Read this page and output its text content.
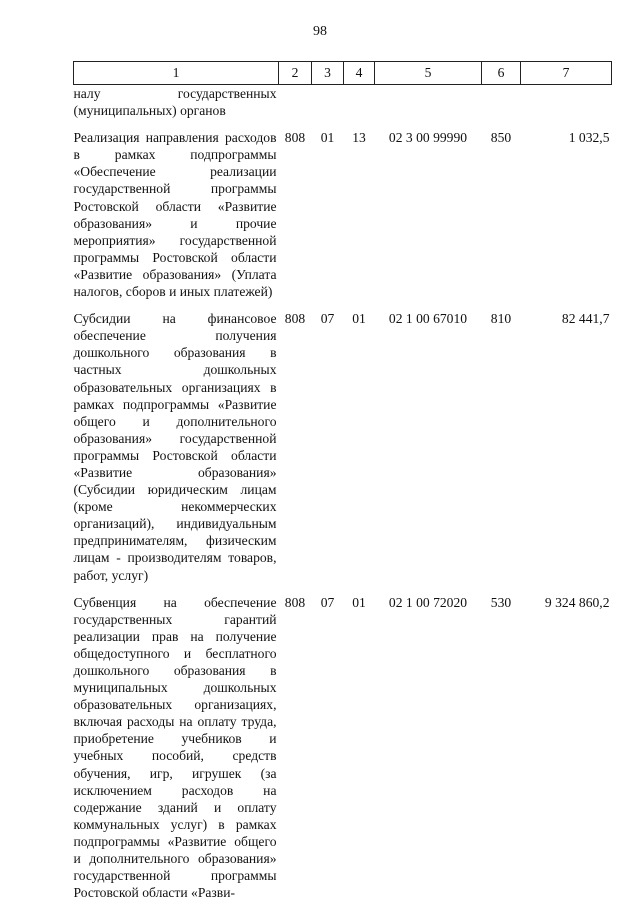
98
1	2	3	4	5	6	7
налу государственных (муниципальных) органов						
Реализация направления расходов в рамках подпрограммы «Обеспечение реализации государственной программы Ростовской области «Развитие образования» и прочие мероприятия» государственной программы Ростовской области «Развитие образования» (Уплата налогов, сборов и иных платежей)	808	01	13	02 3 00 99990	850	1 032,5
Субсидии на финансовое обеспечение получения дошкольного образования в частных дошкольных образовательных организациях в рамках подпрограммы «Развитие общего и дополнительного образования» государственной программы Ростовской области «Развитие образования» (Субсидии юридическим лицам (кроме некоммерческих организаций), индивидуальным предпринимателям, физическим лицам - производителям товаров, работ, услуг)	808	07	01	02 1 00 67010	810	82 441,7
Субвенция на обеспечение государственных гарантий реализации прав на получение общедоступного и бесплатного дошкольного образования в муниципальных дошкольных образовательных организациях, включая расходы на оплату труда, приобретение учебников и учебных пособий, средств обучения, игр, игрушек (за исключением расходов на содержание зданий и оплату коммунальных услуг) в рамках подпрограммы «Развитие общего и дополнительного образования» государственной программы Ростовской области «Разви-	808	07	01	02 1 00 72020	530	9 324 860,2
